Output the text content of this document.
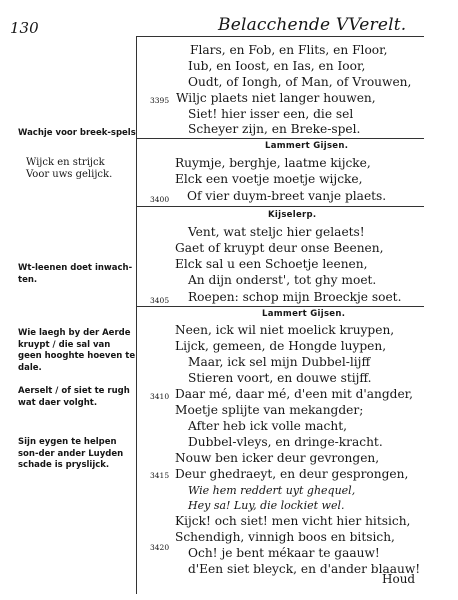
130	Belacchende VVerelt.
Wachje voor breek-spels
Wijck en strijck Voor uws gelijck.
Wt-leenen doet inwach-ten.
Wie laegh by der Aerde kruypt / die sal van geen hooghte hoeven te dale.
Aerselt / of siet te rugh wat daer volght.
Sijn eygen te helpen son-der ander Luyden schade is pryslijck.
3395
3400
3405
3410
3415
3420
Flars, en Fob, en Flits, en Floor,
Iub, en Ioost, en Ias, en Ioor,
Oudt, of Iongh, of Man, of Vrouwen,
Wiljc plaets niet langer houwen,
Siet! hier isser een, die sel
Scheyer zijn, en Breke-spel.
Lammert Gijsen.
Ruymje, berghje, laatme kijcke,
Elck een voetje moetje wijcke,
Of vier duym-breet vanje plaets.
Kijselerp.
Vent, wat steljc hier gelaets!
Gaet of kruypt deur onse Beenen,
Elck sal u een Schoetje leenen,
An dijn onderst', tot ghy moet.
Roepen: schop mijn Broeckje soet.
Lammert Gijsen.
Neen, ick wil niet moelick kruypen,
Lijck, gemeen, de Hongde luypen,
Maar, ick sel mijn Dubbel-lijff
Stieren voort, en douwe stijff.
Daar mé, daar mé, d'een mit d'angder,
Moetje splijte van mekangder;
After heb ick volle macht,
Dubbel-vleys, en dringe-kracht.
Nouw ben icker deur gevrongen,
Deur ghedraeyt, en deur gesprongen,
Wie hem reddert uyt ghequel,
Hey sa! Luy, die lockiet wel.
Kijck! och siet! men vicht hier hitsich,
Schendigh, vinnigh boos en bitsich,
Och! je bent mékaar te gaauw!
d'Een siet bleyck, en d'ander blaauw!
Houd
